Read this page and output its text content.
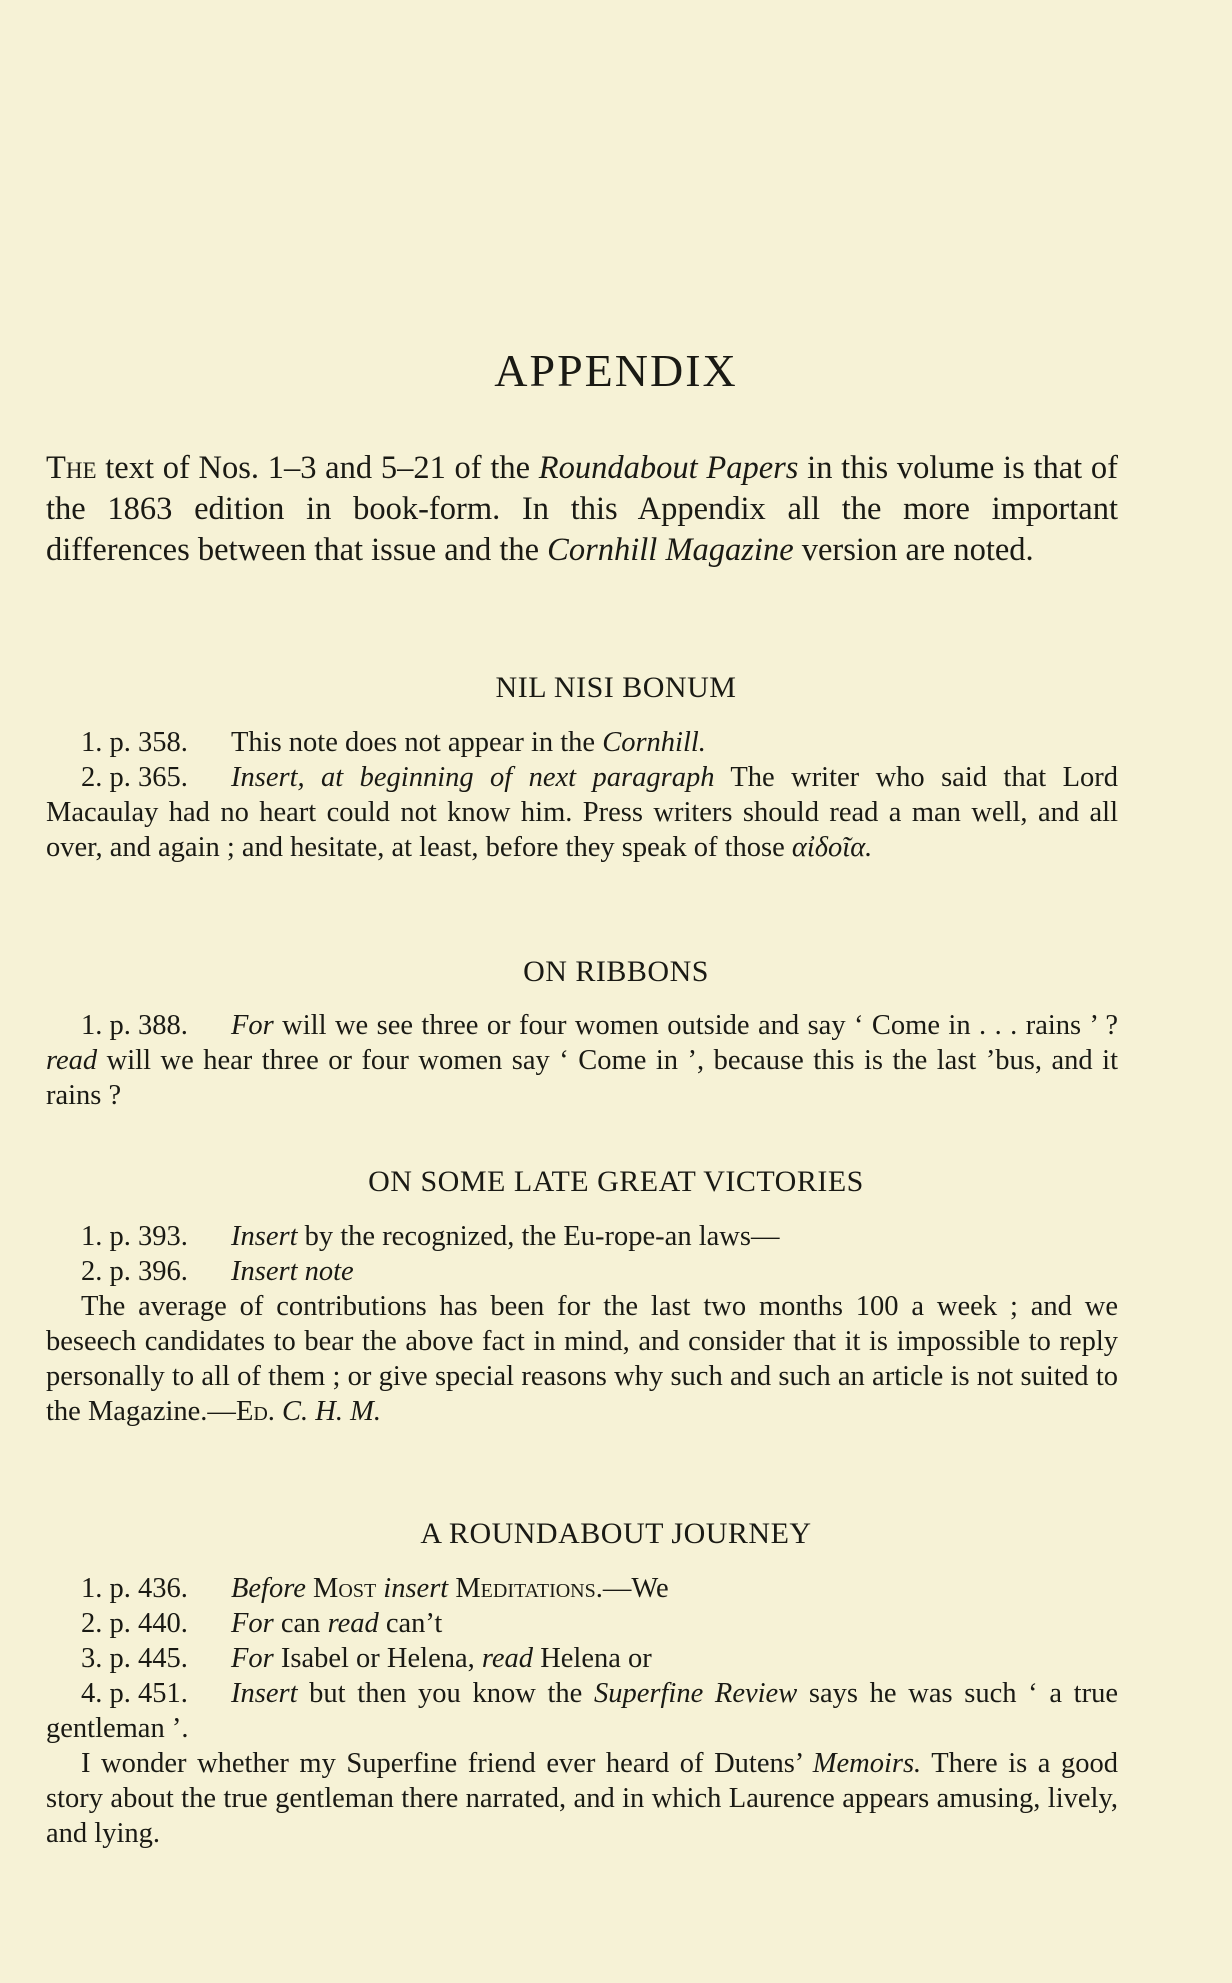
APPENDIX
The text of Nos. 1–3 and 5–21 of the Roundabout Papers in this volume is that of the 1863 edition in book-form. In this Appendix all the more important differences between that issue and the Cornhill Magazine version are noted.
NIL NISI BONUM
1. p. 358. This note does not appear in the Cornhill.
2. p. 365. Insert, at beginning of next paragraph The writer who said that Lord Macaulay had no heart could not know him. Press writers should read a man well, and all over, and again ; and hesitate, at least, before they speak of those αἰδοῖα.
ON RIBBONS
1. p. 388. For will we see three or four women outside and say ‘ Come in . . . rains ’ ? read will we hear three or four women say ‘ Come in ’, because this is the last ’bus, and it rains ?
ON SOME LATE GREAT VICTORIES
1. p. 393. Insert by the recognized, the Eu-rope-an laws—
2. p. 396. Insert note
The average of contributions has been for the last two months 100 a week ; and we beseech candidates to bear the above fact in mind, and consider that it is impossible to reply personally to all of them ; or give special reasons why such and such an article is not suited to the Magazine.—Ed. C. H. M.
A ROUNDABOUT JOURNEY
1. p. 436. Before Most insert Meditations.—We
2. p. 440. For can read can’t
3. p. 445. For Isabel or Helena, read Helena or
4. p. 451. Insert but then you know the Superfine Review says he was such ‘ a true gentleman ’.
I wonder whether my Superfine friend ever heard of Dutens’ Memoirs. There is a good story about the true gentleman there narrated, and in which Laurence appears amusing, lively, and lying.
